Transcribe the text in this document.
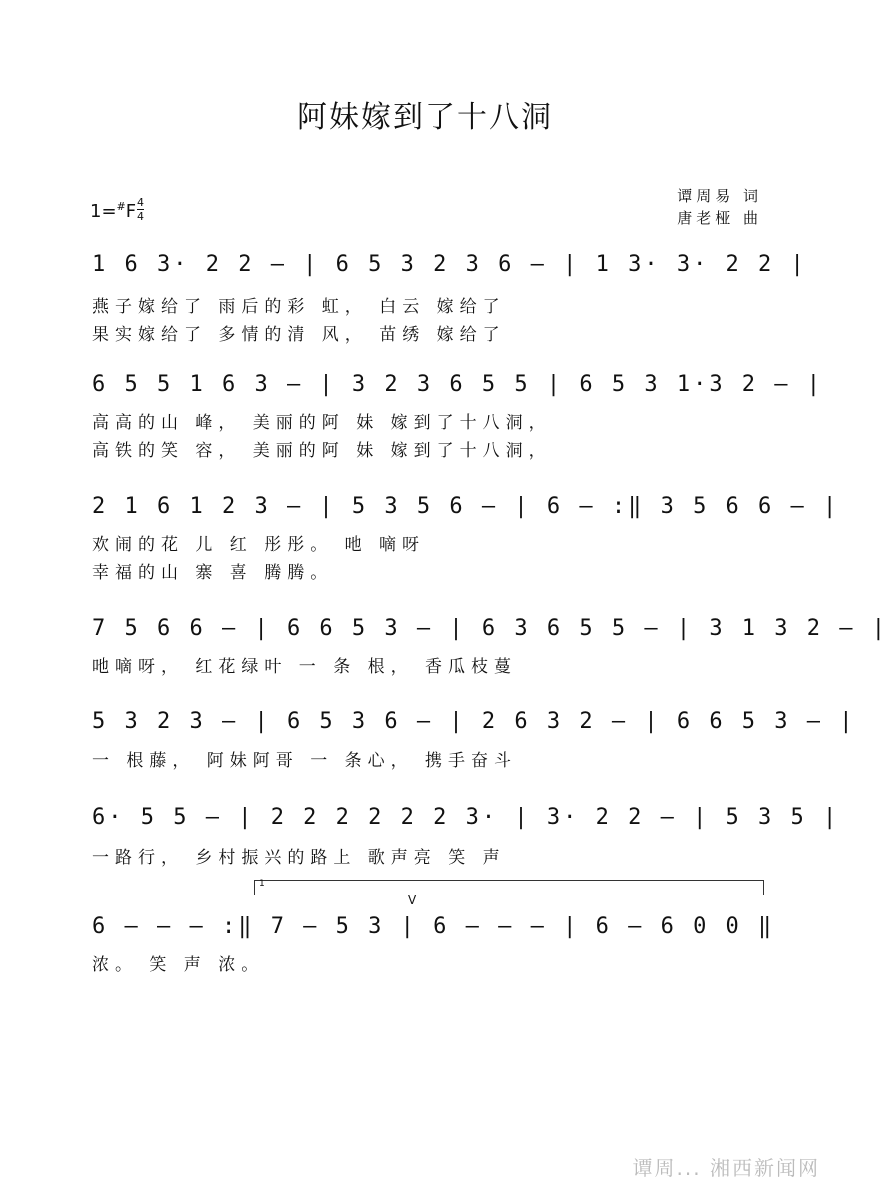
阿妹嫁到了十八洞
1=#F 4
4
谭周易 词
唐老桠 曲
1 6 3· 2 2 — | 6 5 3 2 3 6 — | 1 3· 3· 2 2 |
燕子嫁给了 雨后的彩 虹， 白云 嫁给了
果实嫁给了 多情的清 风， 苗绣 嫁给了
6 5 5 1 6 3 — | 3 2 3 6 5 5 | 6 5 3 1·3 2 — |
高高的山 峰， 美丽的阿 妹 嫁到了十八洞，
高铁的笑 容， 美丽的阿 妹 嫁到了十八洞，
2 1 6 1 2 3 — | 5 3 5 6 — | 6 — :‖ 3 5 6 6 — |
欢闹的花 儿 红 彤彤。 吔 嘀呀
幸福的山 寨 喜 腾腾。
7 5 6 6 — | 6 6 5 3 — | 6 3 6 5 5 — | 3 1 3 2 — |
吔嘀呀， 红花绿叶 一 条 根， 香瓜枝蔓
5 3 2 3 — | 6 5 3 6 — | 2 6 3 2 — | 6 6 5 3 — |
一 根藤， 阿妹阿哥 一 条心， 携手奋斗
6· 5 5 — | 2 2 2 2 2 2 3· | 3· 2 2 — | 5 3 5 |
一路行， 乡村振兴的路上 歌声亮 笑 声
1
V
6 — — — :‖ 7 — 5 3 | 6 — — — | 6 — 6 0 0 ‖
浓。 笑 声 浓。
谭周... 湘西新闻网
